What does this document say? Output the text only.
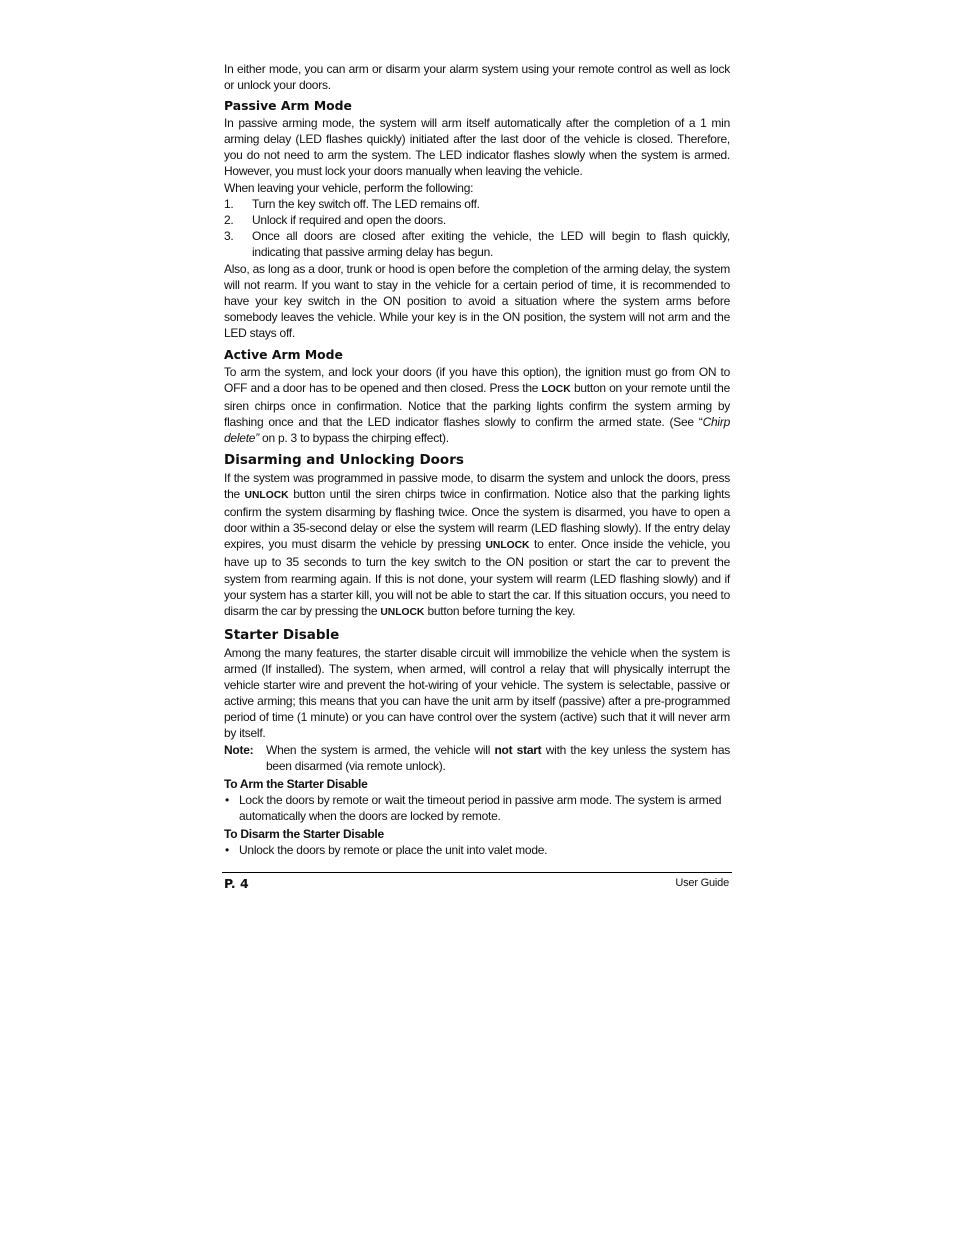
In either mode, you can arm or disarm your alarm system using your remote control as well as lock or unlock your doors.

Passive Arm Mode

In passive arming mode, the system will arm itself automatically after the completion of a 1 min arming delay (LED flashes quickly) initiated after the last door of the vehicle is closed. Therefore, you do not need to arm the system. The LED indicator flashes slowly when the system is armed. However, you must lock your doors manually when leaving the vehicle.

When leaving your vehicle, perform the following:

1.	Turn the key switch off. The LED remains off.
2.	Unlock if required and open the doors.
3.	Once all doors are closed after exiting the vehicle, the LED will begin to flash quickly, indicating that passive arming delay has begun.

Also, as long as a door, trunk or hood is open before the completion of the arming delay, the system will not rearm. If you want to stay in the vehicle for a certain period of time, it is recommended to have your key switch in the ON position to avoid a situation where the system arms before somebody leaves the vehicle. While your key is in the ON position, the system will not arm and the LED stays off.

Active Arm Mode

To arm the system, and lock your doors (if you have this option), the ignition must go from ON to OFF and a door has to be opened and then closed. Press the LOCK button on your remote until the siren chirps once in confirmation. Notice that the parking lights confirm the system arming by flashing once and that the LED indicator flashes slowly to confirm the armed state. (See “Chirp delete” on p. 3 to bypass the chirping effect).

Disarming and Unlocking Doors

If the system was programmed in passive mode, to disarm the system and unlock the doors, press the UNLOCK button until the siren chirps twice in confirmation. Notice also that the parking lights confirm the system disarming by flashing twice. Once the system is disarmed, you have to open a door within a 35-second delay or else the system will rearm (LED flashing slowly). If the entry delay expires, you must disarm the vehicle by pressing UNLOCK to enter. Once inside the vehicle, you have up to 35 seconds to turn the key switch to the ON position or start the car to prevent the system from rearming again. If this is not done, your system will rearm (LED flashing slowly) and if your system has a starter kill, you will not be able to start the car. If this situation occurs, you need to disarm the car by pressing the UNLOCK button before turning the key.

Starter Disable

Among the many features, the starter disable circuit will immobilize the vehicle when the system is armed (If installed). The system, when armed, will control a relay that will physically interrupt the vehicle starter wire and prevent the hot-wiring of your vehicle. The system is selectable, passive or active arming; this means that you can have the unit arm by itself (passive) after a pre-programmed period of time (1 minute) or you can have control over the system (active) such that it will never arm by itself.

Note:	When the system is armed, the vehicle will not start with the key unless the system has been disarmed (via remote unlock).
To Arm the Starter Disable
• Lock the doors by remote or wait the timeout period in passive arm mode. The system is armed automatically when the doors are locked by remote.
To Disarm the Starter Disable
• Unlock the doors by remote or place the unit into valet mode.
P. 4	User Guide
